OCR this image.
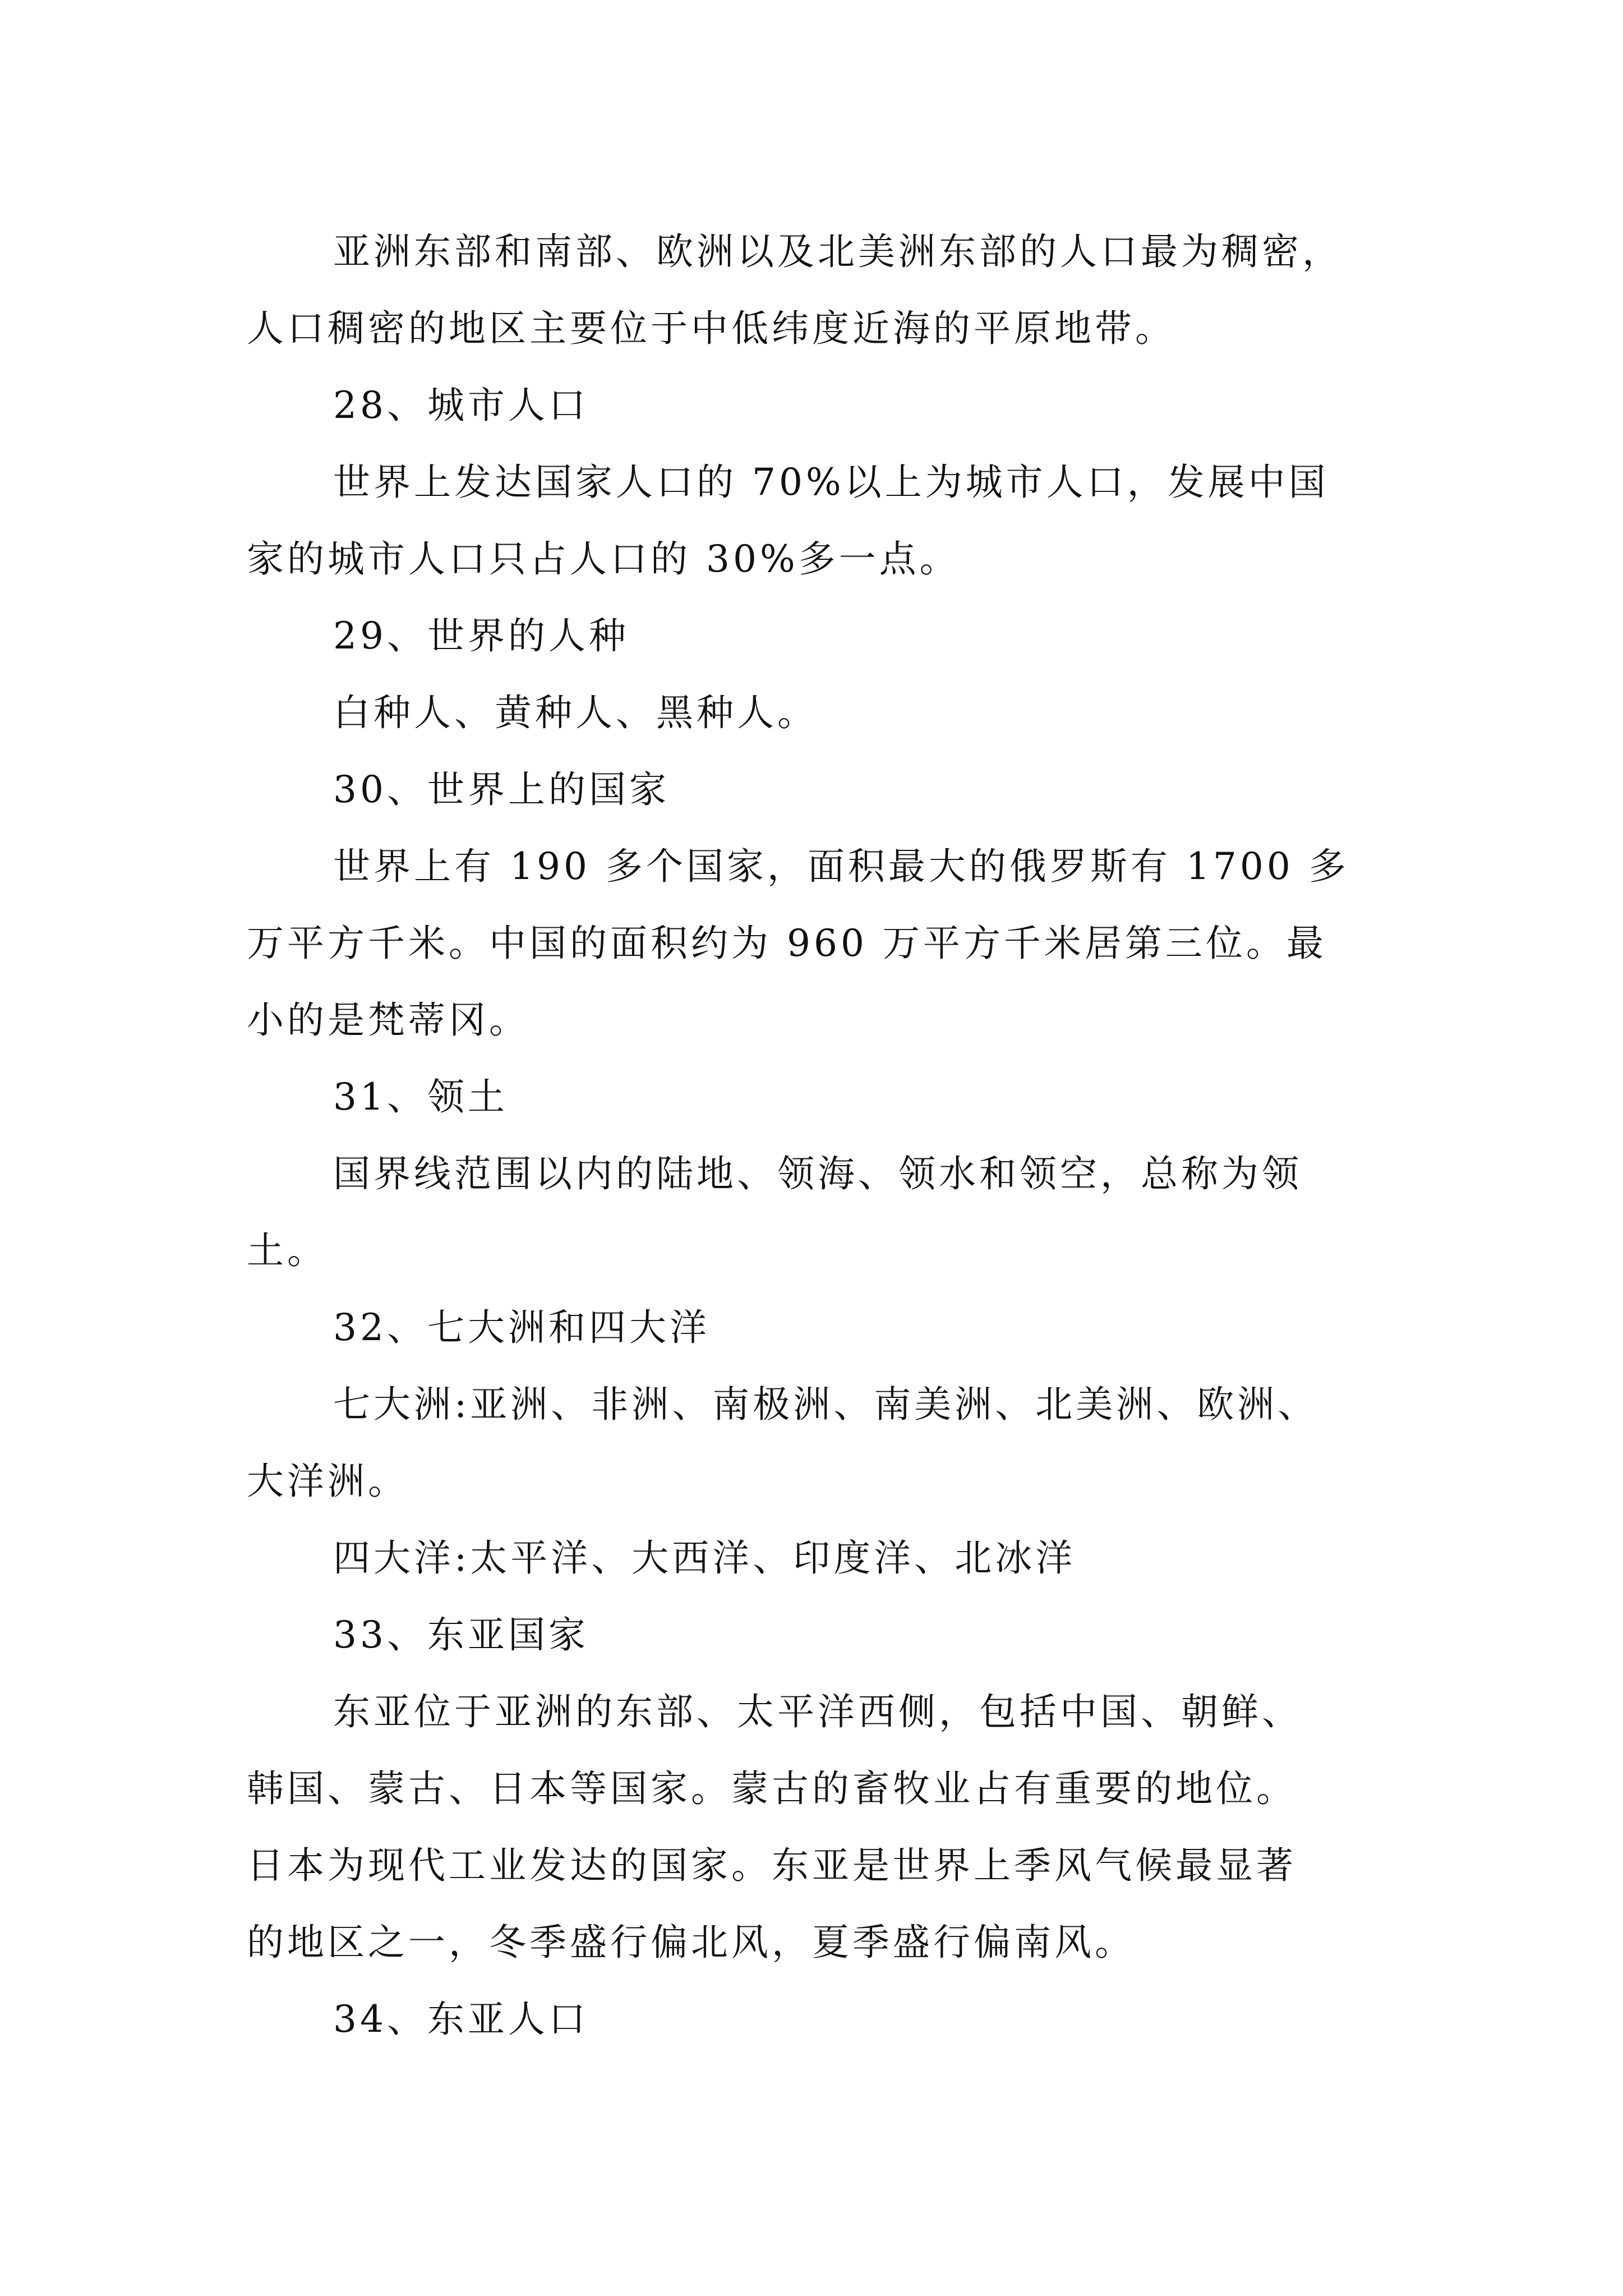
亚洲东部和南部、欧洲以及北美洲东部的人口最为稠密，
人口稠密的地区主要位于中低纬度近海的平原地带。
28、城市人口
世界上发达国家人口的 70%以上为城市人口，发展中国
家的城市人口只占人口的 30%多一点。
29、世界的人种
白种人、黄种人、黑种人。
30、世界上的国家
世界上有 190 多个国家，面积最大的俄罗斯有 1700 多
万平方千米。中国的面积约为 960 万平方千米居第三位。最
小的是梵蒂冈。
31、领土
国界线范围以内的陆地、领海、领水和领空，总称为领
土。
32、七大洲和四大洋
七大洲:亚洲、非洲、南极洲、南美洲、北美洲、欧洲、
大洋洲。
四大洋:太平洋、大西洋、印度洋、北冰洋
33、东亚国家
东亚位于亚洲的东部、太平洋西侧，包括中国、朝鲜、
韩国、蒙古、日本等国家。蒙古的畜牧业占有重要的地位。
日本为现代工业发达的国家。东亚是世界上季风气候最显著
的地区之一，冬季盛行偏北风，夏季盛行偏南风。
34、东亚人口
